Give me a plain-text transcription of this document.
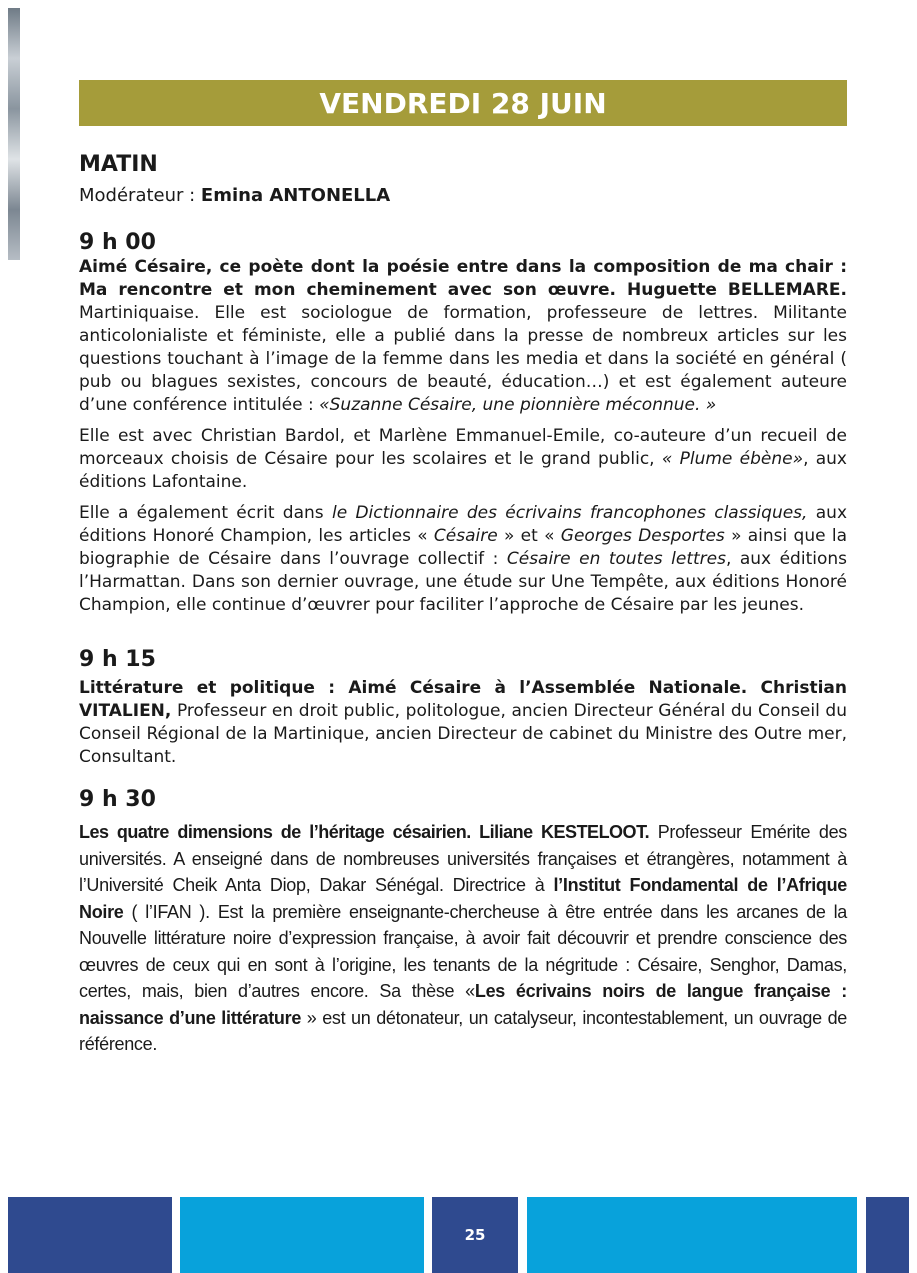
VENDREDI 28 JUIN
MATIN
Modérateur : Emina ANTONELLA
9 h 00

Aimé Césaire, ce poète dont la poésie entre dans la composition de ma chair : Ma rencontre et mon cheminement avec son œuvre. Huguette BELLEMARE. Martiniquaise. Elle est sociologue de formation, professeure de lettres. Militante anticolonialiste et féministe, elle a publié dans la presse de nombreux articles sur les questions touchant à l’image de la femme dans les media et dans la société en général ( pub ou blagues sexistes, concours de beauté, éducation…) et est également auteure d’une conférence intitulée : «Suzanne Césaire, une pionnière méconnue. »

Elle est avec Christian Bardol, et Marlène Emmanuel-Emile, co-auteure d’un recueil de morceaux choisis de Césaire pour les scolaires et le grand public, « Plume ébène», aux éditions Lafontaine.

Elle a également écrit dans le Dictionnaire des écrivains francophones classiques, aux éditions Honoré Champion, les articles « Césaire » et « Georges Desportes » ainsi que la biographie de Césaire dans l’ouvrage collectif : Césaire en toutes lettres, aux éditions l’Harmattan. Dans son dernier ouvrage, une étude sur Une Tempête, aux éditions Honoré Champion, elle continue d’œuvrer pour faciliter l’approche de Césaire par les jeunes.

9 h 15

Littérature et politique : Aimé Césaire à l’Assemblée Nationale. Christian VITALIEN, Professeur en droit public, politologue, ancien Directeur Général du Conseil du Conseil Régional de la Martinique, ancien Directeur de cabinet du Ministre des Outre mer, Consultant.

9 h 30

Les quatre dimensions de l’héritage césairien. Liliane KESTELOOT. Professeur Emérite des universités. A enseigné dans de nombreuses universités françaises et étrangères, notamment à l’Université Cheik Anta Diop, Dakar Sénégal. Directrice à l’Institut Fondamental de l’Afrique Noire ( l’IFAN ). Est la première enseignante-chercheuse à être entrée dans les arcanes de la Nouvelle littérature noire d’expression française, à avoir fait découvrir et prendre conscience des œuvres de ceux qui en sont à l’origine, les tenants de la négritude : Césaire, Senghor, Damas, certes, mais, bien d’autres encore. Sa thèse «Les écrivains noirs de langue française : naissance d’une littérature » est un détonateur, un catalyseur, incontestablement, un ouvrage de référence.

25
